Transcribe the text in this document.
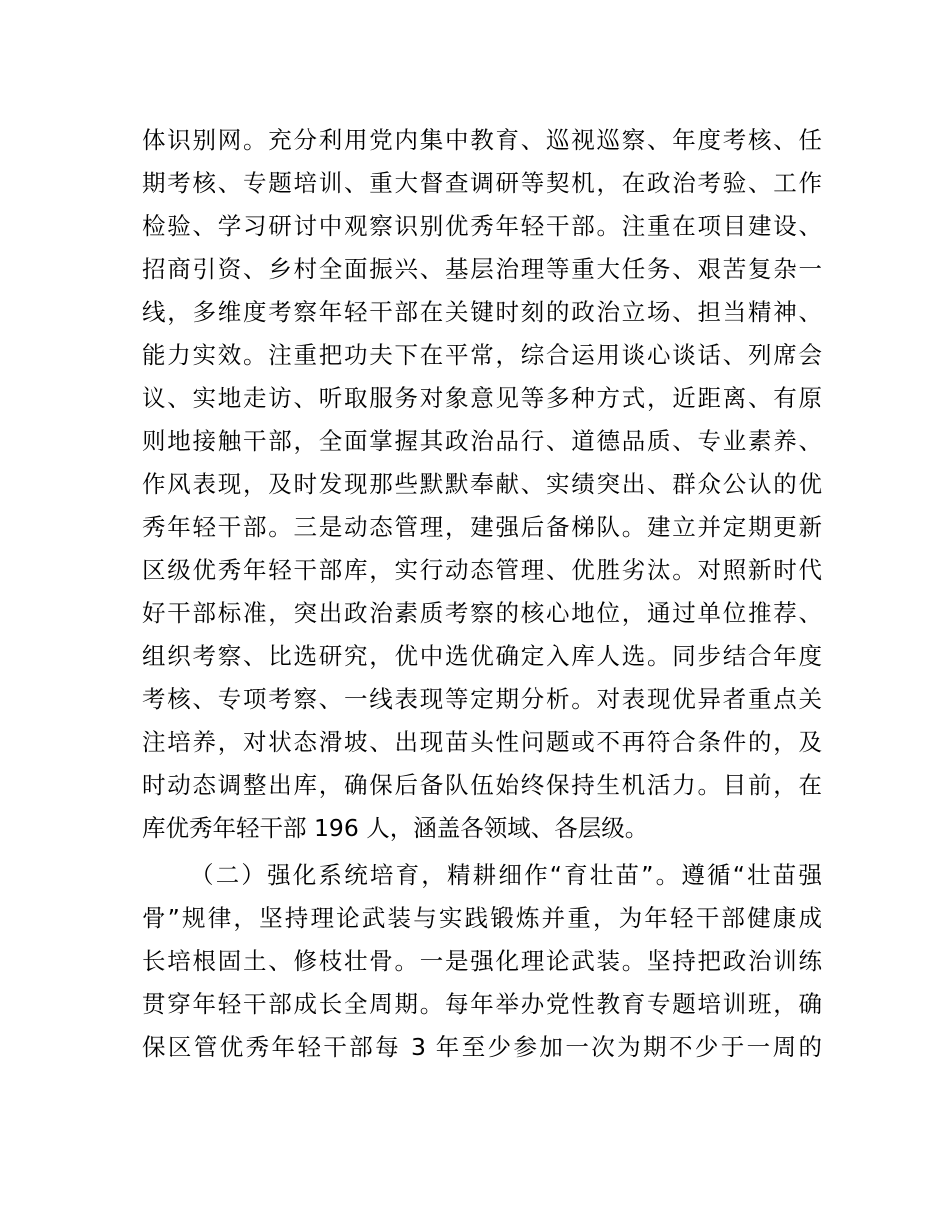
体识别网。充分利用党内集中教育、巡视巡察、年度考核、任
期考核、专题培训、重大督查调研等契机，在政治考验、工作
检验、学习研讨中观察识别优秀年轻干部。注重在项目建设、
招商引资、乡村全面振兴、基层治理等重大任务、艰苦复杂一
线，多维度考察年轻干部在关键时刻的政治立场、担当精神、
能力实效。注重把功夫下在平常，综合运用谈心谈话、列席会
议、实地走访、听取服务对象意见等多种方式，近距离、有原
则地接触干部，全面掌握其政治品行、道德品质、专业素养、
作风表现，及时发现那些默默奉献、实绩突出、群众公认的优
秀年轻干部。三是动态管理，建强后备梯队。建立并定期更新
区级优秀年轻干部库，实行动态管理、优胜劣汰。对照新时代
好干部标准，突出政治素质考察的核心地位，通过单位推荐、
组织考察、比选研究，优中选优确定入库人选。同步结合年度
考核、专项考察、一线表现等定期分析。对表现优异者重点关
注培养，对状态滑坡、出现苗头性问题或不再符合条件的，及
时动态调整出库，确保后备队伍始终保持生机活力。目前，在
库优秀年轻干部 196 人，涵盖各领域、各层级。
（二）强化系统培育，精耕细作“育壮苗”。遵循“壮苗强
骨”规律，坚持理论武装与实践锻炼并重，为年轻干部健康成
长培根固土、修枝壮骨。一是强化理论武装。坚持把政治训练
贯穿年轻干部成长全周期。每年举办党性教育专题培训班，确
保区管优秀年轻干部每 3 年至少参加一次为期不少于一周的
